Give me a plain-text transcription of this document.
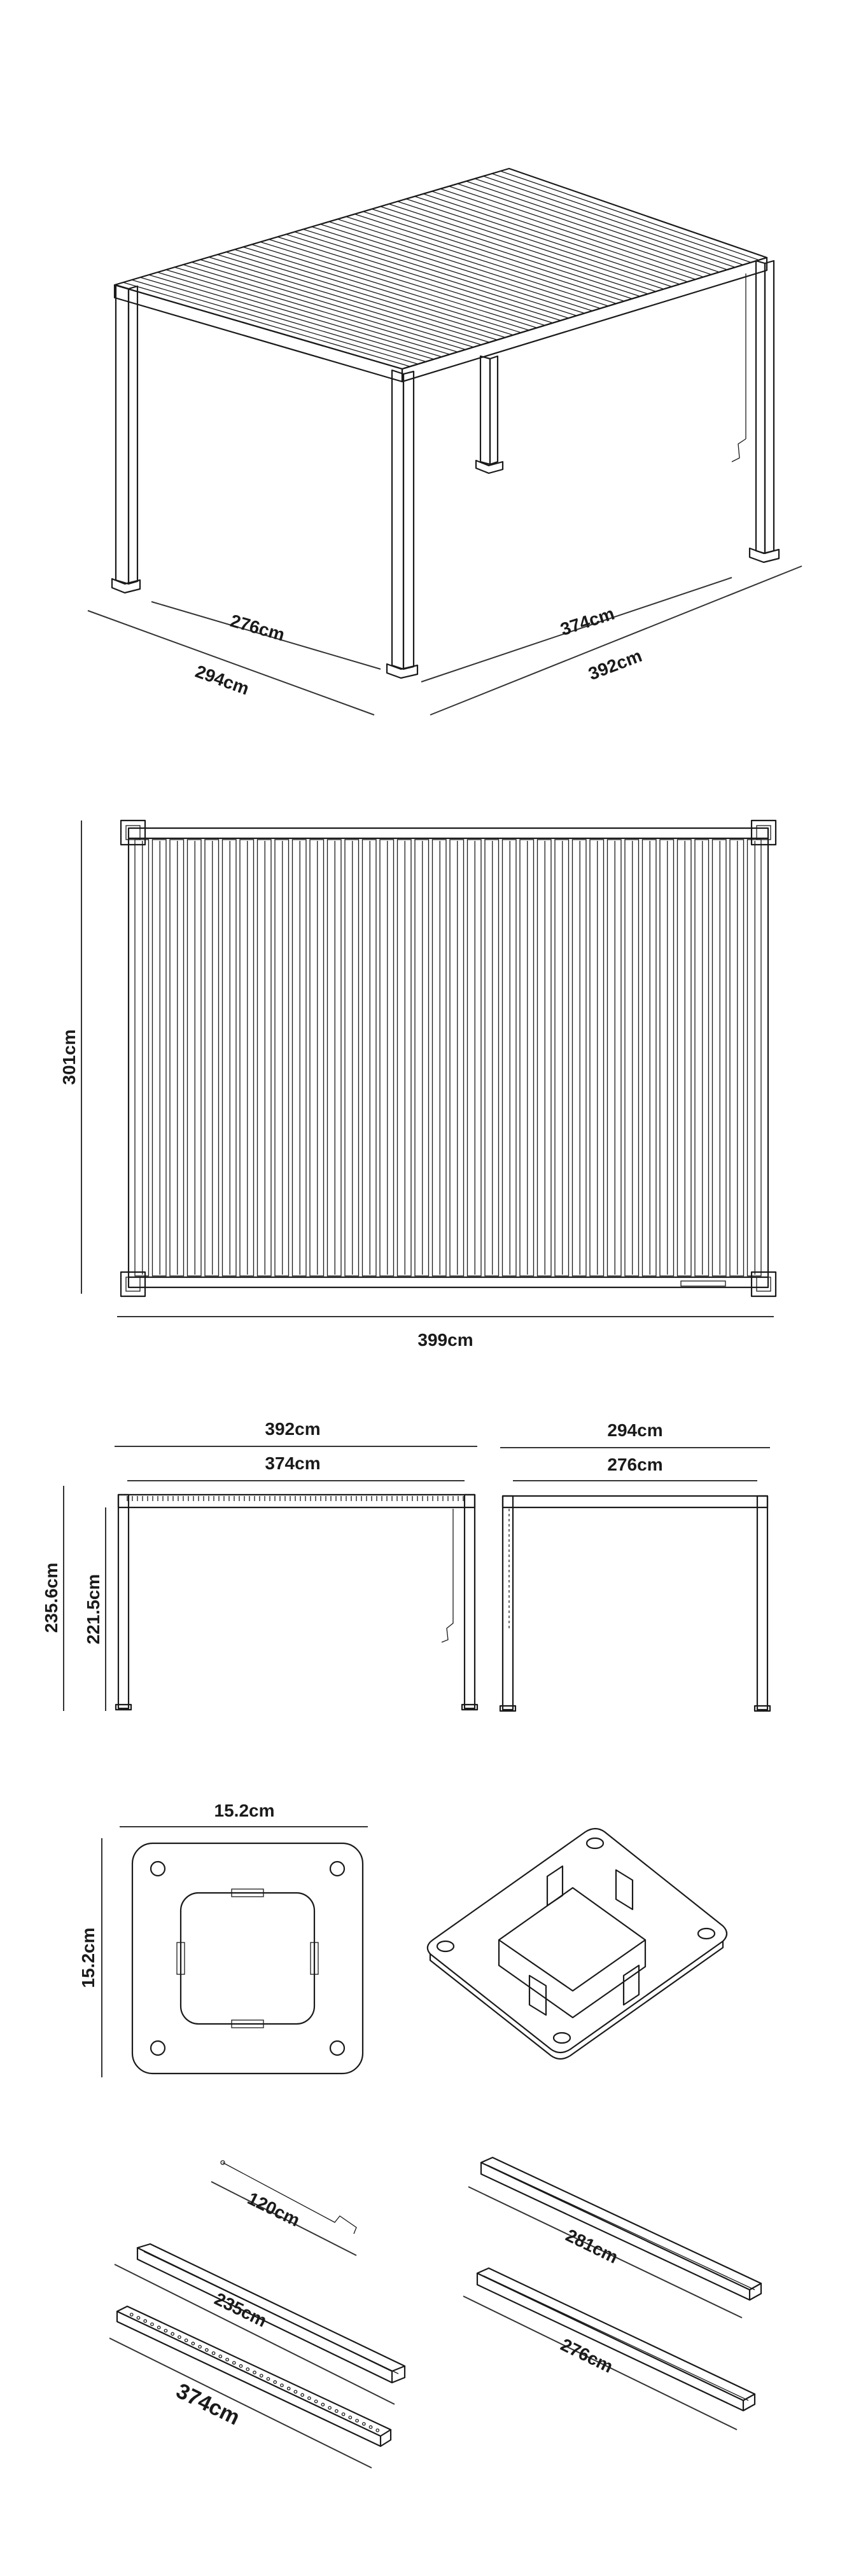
276cm
294cm
374cm
392cm
301cm
399cm
392cm
374cm
235.6cm 221.5cm
294cm
276cm
15.2cm
15.2cm
120cm
235cm
374cm
281cm
276cm
